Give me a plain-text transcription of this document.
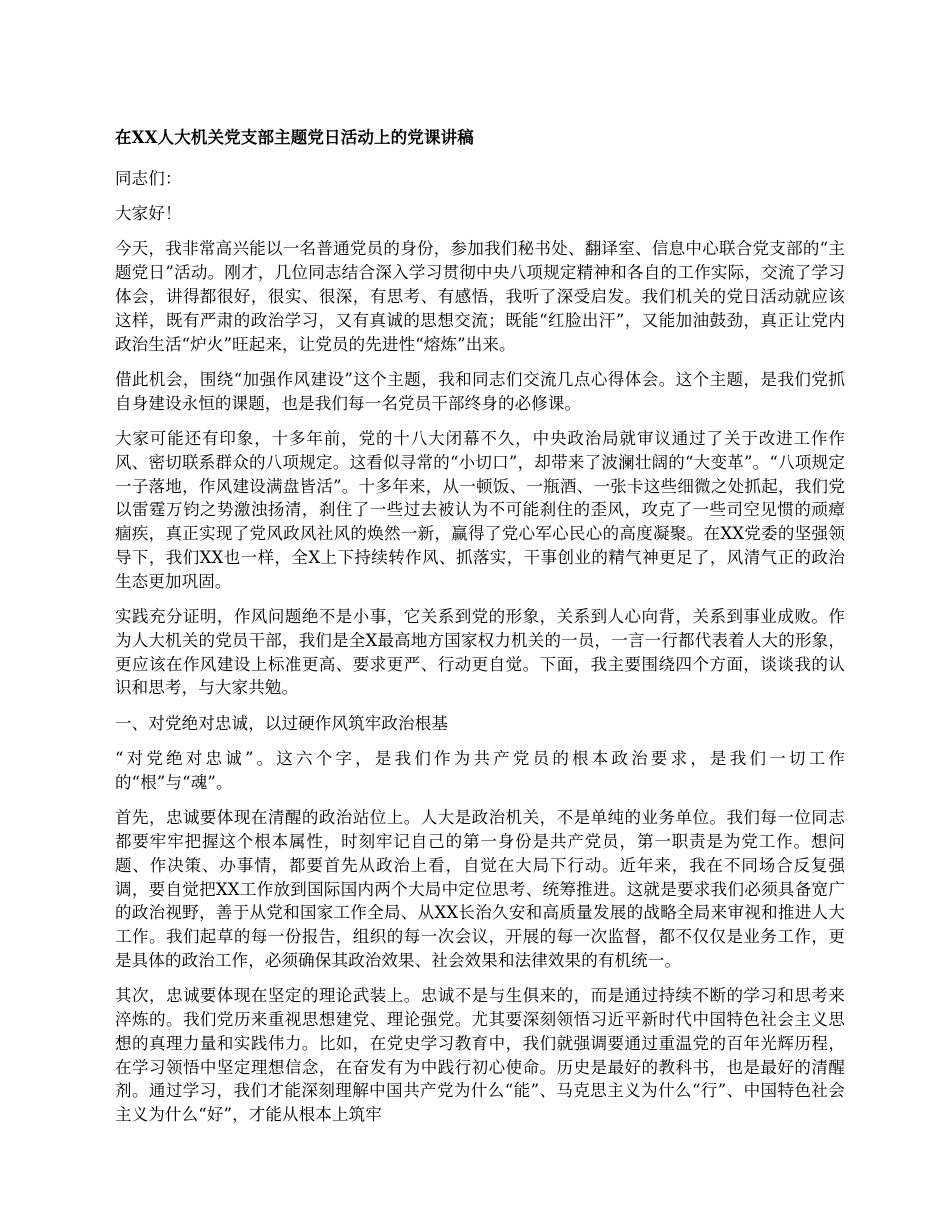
在XX人大机关党支部主题党日活动上的党课讲稿
同志们：
大家好！
今天，我非常高兴能以一名普通党员的身份，参加我们秘书处、翻译室、信息中心联合党支部的“主题党日”活动。刚才，几位同志结合深入学习贯彻中央八项规定精神和各自的工作实际，交流了学习体会，讲得都很好，很实、很深，有思考、有感悟，我听了深受启发。我们机关的党日活动就应该这样，既有严肃的政治学习，又有真诚的思想交流；既能“红脸出汗”，又能加油鼓劲，真正让党内政治生活“炉火”旺起来，让党员的先进性“熔炼”出来。
借此机会，围绕“加强作风建设”这个主题，我和同志们交流几点心得体会。这个主题，是我们党抓自身建设永恒的课题，也是我们每一名党员干部终身的必修课。
大家可能还有印象，十多年前，党的十八大闭幕不久，中央政治局就审议通过了关于改进工作作风、密切联系群众的八项规定。这看似寻常的“小切口”，却带来了波澜壮阔的“大变革”。“八项规定一子落地，作风建设满盘皆活”。十多年来，从一顿饭、一瓶酒、一张卡这些细微之处抓起，我们党以雷霆万钧之势激浊扬清，刹住了一些过去被认为不可能刹住的歪风，攻克了一些司空见惯的顽瘴痼疾，真正实现了党风政风社风的焕然一新，赢得了党心军心民心的高度凝聚。在XX党委的坚强领导下，我们XX也一样，全X上下持续转作风、抓落实，干事创业的精气神更足了，风清气正的政治生态更加巩固。
实践充分证明，作风问题绝不是小事，它关系到党的形象，关系到人心向背，关系到事业成败。作为人大机关的党员干部，我们是全X最高地方国家权力机关的一员，一言一行都代表着人大的形象，更应该在作风建设上标准更高、要求更严、行动更自觉。下面，我主要围绕四个方面，谈谈我的认识和思考，与大家共勉。
一、对党绝对忠诚，以过硬作风筑牢政治根基
“对党绝对忠诚”。这六个字，是我们作为共产党员的根本政治要求，是我们一切工作的“根”与“魂”。
首先，忠诚要体现在清醒的政治站位上。人大是政治机关，不是单纯的业务单位。我们每一位同志都要牢牢把握这个根本属性，时刻牢记自己的第一身份是共产党员，第一职责是为党工作。想问题、作决策、办事情，都要首先从政治上看，自觉在大局下行动。近年来，我在不同场合反复强调，要自觉把XX工作放到国际国内两个大局中定位思考、统筹推进。这就是要求我们必须具备宽广的政治视野，善于从党和国家工作全局、从XX长治久安和高质量发展的战略全局来审视和推进人大工作。我们起草的每一份报告，组织的每一次会议，开展的每一次监督，都不仅仅是业务工作，更是具体的政治工作，必须确保其政治效果、社会效果和法律效果的有机统一。
其次，忠诚要体现在坚定的理论武装上。忠诚不是与生俱来的，而是通过持续不断的学习和思考来淬炼的。我们党历来重视思想建党、理论强党。尤其要深刻领悟习近平新时代中国特色社会主义思想的真理力量和实践伟力。比如，在党史学习教育中，我们就强调要通过重温党的百年光辉历程，在学习领悟中坚定理想信念，在奋发有为中践行初心使命。历史是最好的教科书，也是最好的清醒剂。通过学习，我们才能深刻理解中国共产党为什么“能”、马克思主义为什么“行”、中国特色社会主义为什么“好”，才能从根本上筑牢
